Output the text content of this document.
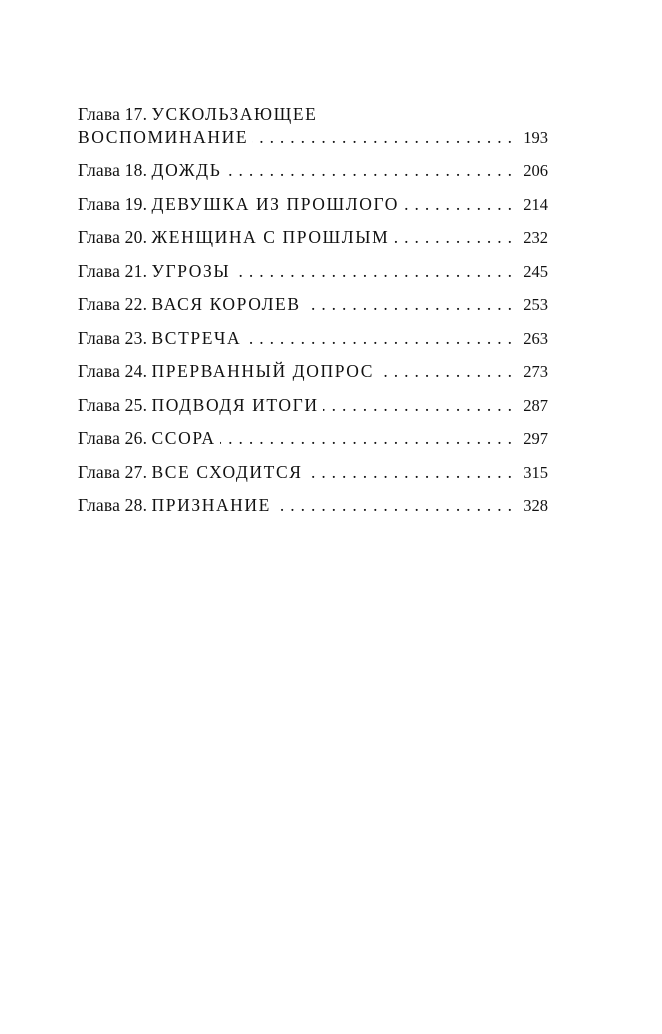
Глава 17. УСКОЛЬЗАЮЩЕЕ
ВОСПОМИНАНИЕ . . .	193
Глава 18. ДОЖДЬ . . .	206
Глава 19. ДЕВУШКА ИЗ ПРОШЛОГО . . .	214
Глава 20. ЖЕНЩИНА С ПРОШЛЫМ . . .	232
Глава 21. УГРОЗЫ . . .	245
Глава 22. ВАСЯ КОРОЛЕВ . . .	253
Глава 23. ВСТРЕЧА . . .	263
Глава 24. ПРЕРВАННЫЙ ДОПРОС . . .	273
Глава 25. ПОДВОДЯ ИТОГИ . . .	287
Глава 26. ССОРА . . .	297
Глава 27. ВСЕ СХОДИТСЯ . . .	315
Глава 28. ПРИЗНАНИЕ . . .	328
